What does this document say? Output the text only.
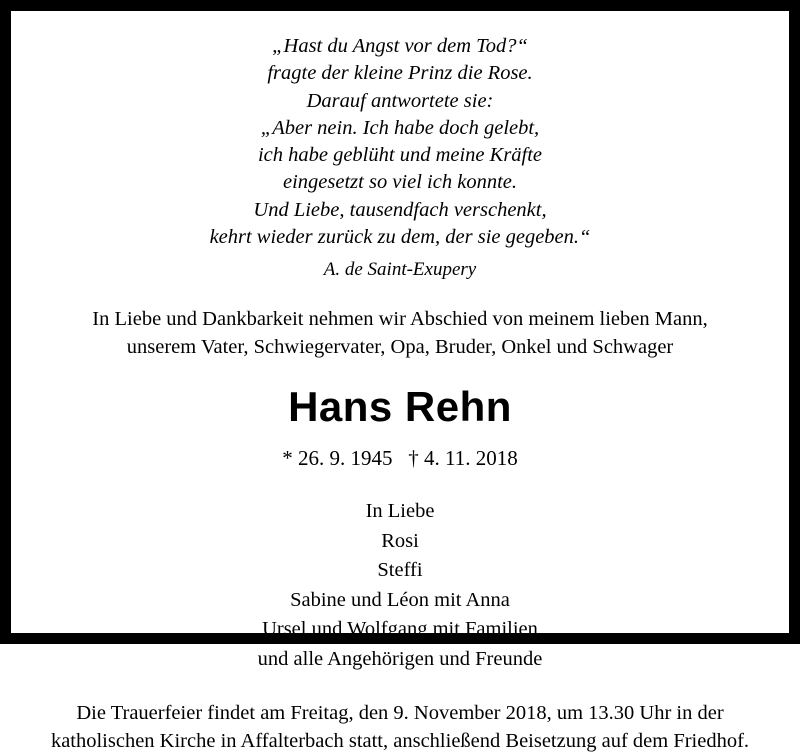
„Hast du Angst vor dem Tod?“
fragte der kleine Prinz die Rose.
Darauf antwortete sie:
„Aber nein. Ich habe doch gelebt,
ich habe geblüht und meine Kräfte
eingesetzt so viel ich konnte.
Und Liebe, tausendfach verschenkt,
kehrt wieder zurück zu dem, der sie gegeben.“
A. de Saint-Exupery
In Liebe und Dankbarkeit nehmen wir Abschied von meinem lieben Mann,
unserem Vater, Schwiegervater, Opa, Bruder, Onkel und Schwager
Hans Rehn
* 26. 9. 1945   † 4. 11. 2018
In Liebe
Rosi
Steffi
Sabine und Léon mit Anna
Ursel und Wolfgang mit Familien
und alle Angehörigen und Freunde
Die Trauerfeier findet am Freitag, den 9. November 2018, um 13.30 Uhr in der
katholischen Kirche in Affalterbach statt, anschließend Beisetzung auf dem Friedhof.
